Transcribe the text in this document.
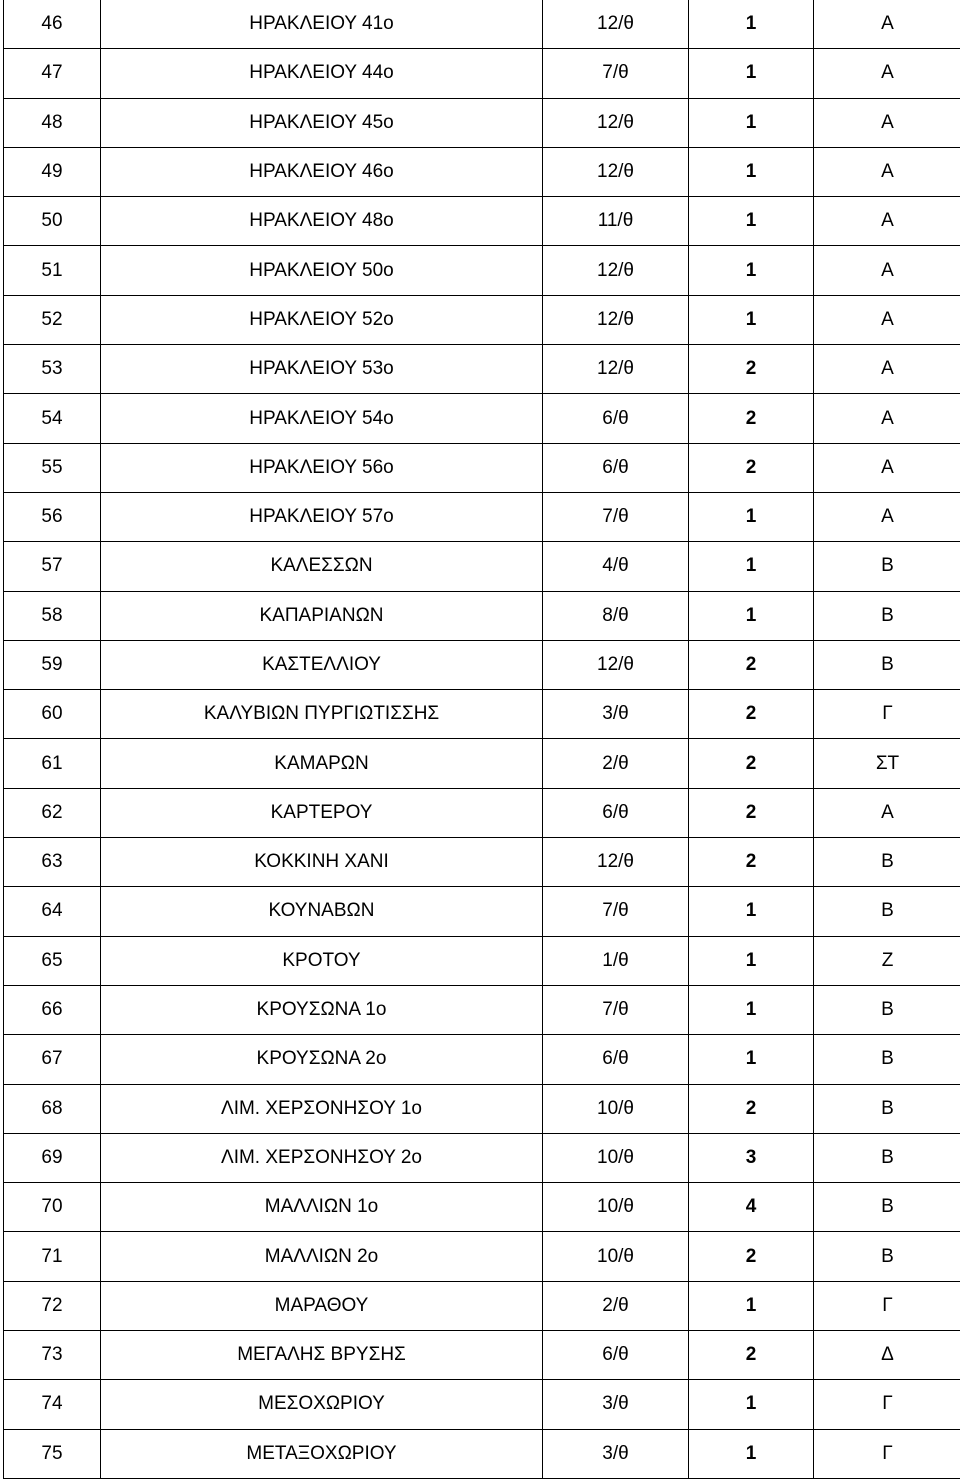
46	ΗΡΑΚΛΕΙΟΥ 41ο	12/θ	1	Α
47	ΗΡΑΚΛΕΙΟΥ 44ο	7/θ	1	Α
48	ΗΡΑΚΛΕΙΟΥ 45ο	12/θ	1	Α
49	ΗΡΑΚΛΕΙΟΥ 46ο	12/θ	1	Α
50	ΗΡΑΚΛΕΙΟΥ 48ο	11/θ	1	Α
51	ΗΡΑΚΛΕΙΟΥ 50ο	12/θ	1	Α
52	ΗΡΑΚΛΕΙΟΥ 52ο	12/θ	1	Α
53	ΗΡΑΚΛΕΙΟΥ 53ο	12/θ	2	Α
54	ΗΡΑΚΛΕΙΟΥ 54ο	6/θ	2	Α
55	ΗΡΑΚΛΕΙΟΥ 56ο	6/θ	2	Α
56	ΗΡΑΚΛΕΙΟΥ 57ο	7/θ	1	Α
57	ΚΑΛΕΣΣΩΝ	4/θ	1	Β
58	ΚΑΠΑΡΙΑΝΩΝ	8/θ	1	Β
59	ΚΑΣΤΕΛΛΙΟΥ	12/θ	2	Β
60	ΚΑΛΥΒΙΩΝ ΠΥΡΓΙΩΤΙΣΣΗΣ	3/θ	2	Γ
61	ΚΑΜΑΡΩΝ	2/θ	2	ΣΤ
62	ΚΑΡΤΕΡΟΥ	6/θ	2	Α
63	ΚΟΚΚΙΝΗ ΧΑΝΙ	12/θ	2	Β
64	ΚΟΥΝΑΒΩΝ	7/θ	1	Β
65	ΚΡΟΤΟΥ	1/θ	1	Ζ
66	ΚΡΟΥΣΩΝΑ 1ο	7/θ	1	Β
67	ΚΡΟΥΣΩΝΑ 2ο	6/θ	1	Β
68	ΛΙΜ. ΧΕΡΣΟΝΗΣΟΥ 1ο	10/θ	2	Β
69	ΛΙΜ. ΧΕΡΣΟΝΗΣΟΥ 2ο	10/θ	3	Β
70	ΜΑΛΛΙΩΝ 1ο	10/θ	4	Β
71	ΜΑΛΛΙΩΝ 2ο	10/θ	2	Β
72	ΜΑΡΑΘΟΥ	2/θ	1	Γ
73	ΜΕΓΑΛΗΣ ΒΡΥΣΗΣ	6/θ	2	Δ
74	ΜΕΣΟΧΩΡΙΟΥ	3/θ	1	Γ
75	ΜΕΤΑΞΟΧΩΡΙΟΥ	3/θ	1	Γ
